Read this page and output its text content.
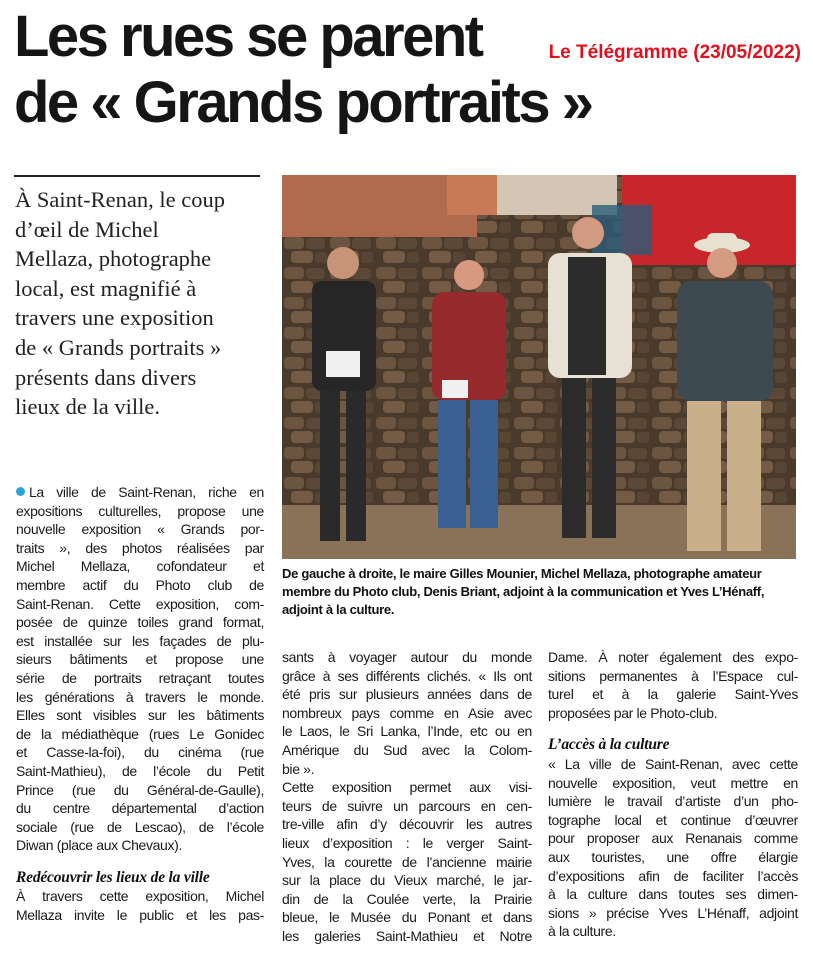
Les rues se parent
de « Grands portraits »
Le Télégramme (23/05/2022)
À Saint-Renan, le coup
d’œil de Michel
Mellaza, photographe
local, est magnifié à
travers une exposition
de « Grands portraits »
présents dans divers
lieux de la ville.
De gauche à droite, le maire Gilles Mounier, Michel Mellaza, photographe amateur
membre du Photo club, Denis Briant, adjoint à la communication et Yves L’Hénaff,
adjoint à la culture.
La ville de Saint-Renan, riche en
expositions culturelles, propose une
nouvelle exposition « Grands por-
traits », des photos réalisées par
Michel Mellaza, cofondateur et
membre actif du Photo club de
Saint-Renan. Cette exposition, com-
posée de quinze toiles grand format,
est installée sur les façades de plu-
sieurs bâtiments et propose une
série de portraits retraçant toutes
les générations à travers le monde.
Elles sont visibles sur les bâtiments
de la médiathèque (rues Le Gonidec
et Casse-la-foi), du cinéma (rue
Saint-Mathieu), de l’école du Petit
Prince (rue du Général-de-Gaulle),
du centre départemental d’action
sociale (rue de Lescao), de l’école
Diwan (place aux Chevaux).
Redécouvrir les lieux de la ville
À travers cette exposition, Michel
Mellaza invite le public et les pas-
sants à voyager autour du monde
grâce à ses différents clichés. « Ils ont
été pris sur plusieurs années dans de
nombreux pays comme en Asie avec
le Laos, le Sri Lanka, l’Inde, etc ou en
Amérique du Sud avec la Colom-
bie ».
Cette exposition permet aux visi-
teurs de suivre un parcours en cen-
tre-ville afin d’y découvrir les autres
lieux d’exposition : le verger Saint-
Yves, la courette de l’ancienne mairie
sur la place du Vieux marché, le jar-
din de la Coulée verte, la Prairie
bleue, le Musée du Ponant et dans
les galeries Saint-Mathieu et Notre
Dame. À noter également des expo-
sitions permanentes à l’Espace cul-
turel et à la galerie Saint-Yves
proposées par le Photo-club.
L’accès à la culture
« La ville de Saint-Renan, avec cette
nouvelle exposition, veut mettre en
lumière le travail d’artiste d’un pho-
tographe local et continue d’œuvrer
pour proposer aux Renanais comme
aux touristes, une offre élargie
d’expositions afin de faciliter l’accès
à la culture dans toutes ses dimen-
sions » précise Yves L’Hénaff, adjoint
à la culture.
